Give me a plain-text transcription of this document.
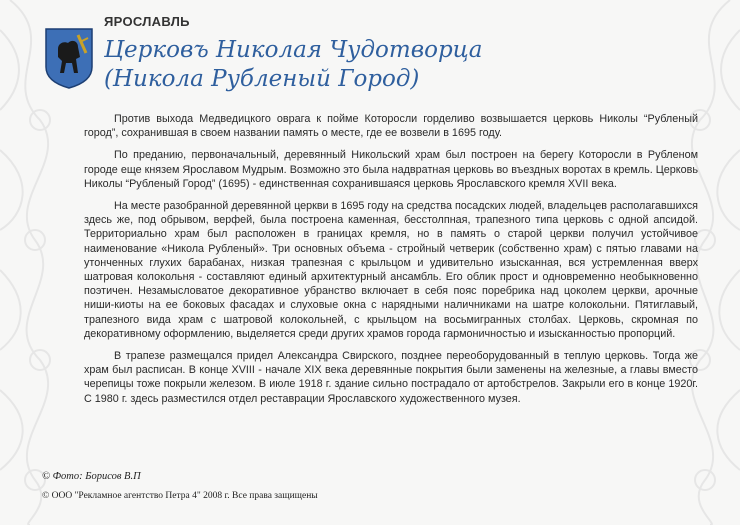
ЯРОСЛАВЛЬ
Церковъ Николая Чудотворца
(Никола Рубленый Город)

Против выхода Медведицкого оврага к пойме Которосли горделиво возвышается церковь Николы “Рубленый город”, сохранившая в своем названии память о месте, где ее возвели в 1695 году.

По преданию, первоначальный, деревянный Никольский храм был построен на берегу Которосли в Рубленом городе еще князем Ярославом Мудрым. Возможно это была надвратная церковь во въездных воротах в кремль. Церковь Николы “Рубленый Город” (1695) - единственная сохранившаяся церковь Ярославского кремля XVII века.

На месте разобранной деревянной церкви в 1695 году на средства посадских людей, владельцев располагавшихся здесь же, под обрывом, верфей, была построена каменная, бесстолпная, трапезного типа церковь с одной апсидой. Территориально храм был расположен в границах кремля, но в память о старой церкви получил устойчивое наименование «Никола Рубленый». Три основных объема - стройный четверик (собственно храм) с пятью главами на утонченных глухих барабанах, низкая трапезная с крыльцом и удивительно изысканная, вся устремленная вверх шатровая колокольня - составляют единый архитектурный ансамбль. Его облик прост и одновременно необыкновенно поэтичен. Незамысловатое декоративное убранство включает в себя пояс поребрика над цоколем церкви, арочные ниши-киоты на ее боковых фасадах и слуховые окна с нарядными наличниками на шатре колокольни. Пятиглавый, трапезного вида храм с шатровой колокольней, с крыльцом на восьмигранных столбах. Церковь, скромная по декоративному оформлению, выделяется среди других храмов города гармоничностью и изысканностью пропорций.

В трапезе размещался придел Александра Свирского, позднее переоборудованный в теплую церковь. Тогда же храм был расписан. В конце XVIII - начале XIX века деревянные покрытия были заменены на железные, а главы вместо черепицы тоже покрыли железом. В июле 1918 г. здание сильно пострадало от артобстрелов. Закрыли его в конце 1920г. С 1980 г. здесь разместился отдел реставрации Ярославского художественного музея.

© Фото: Борисов В.П
© ООО "Рекламное агентство Петра 4" 2008 г. Все права защищены
